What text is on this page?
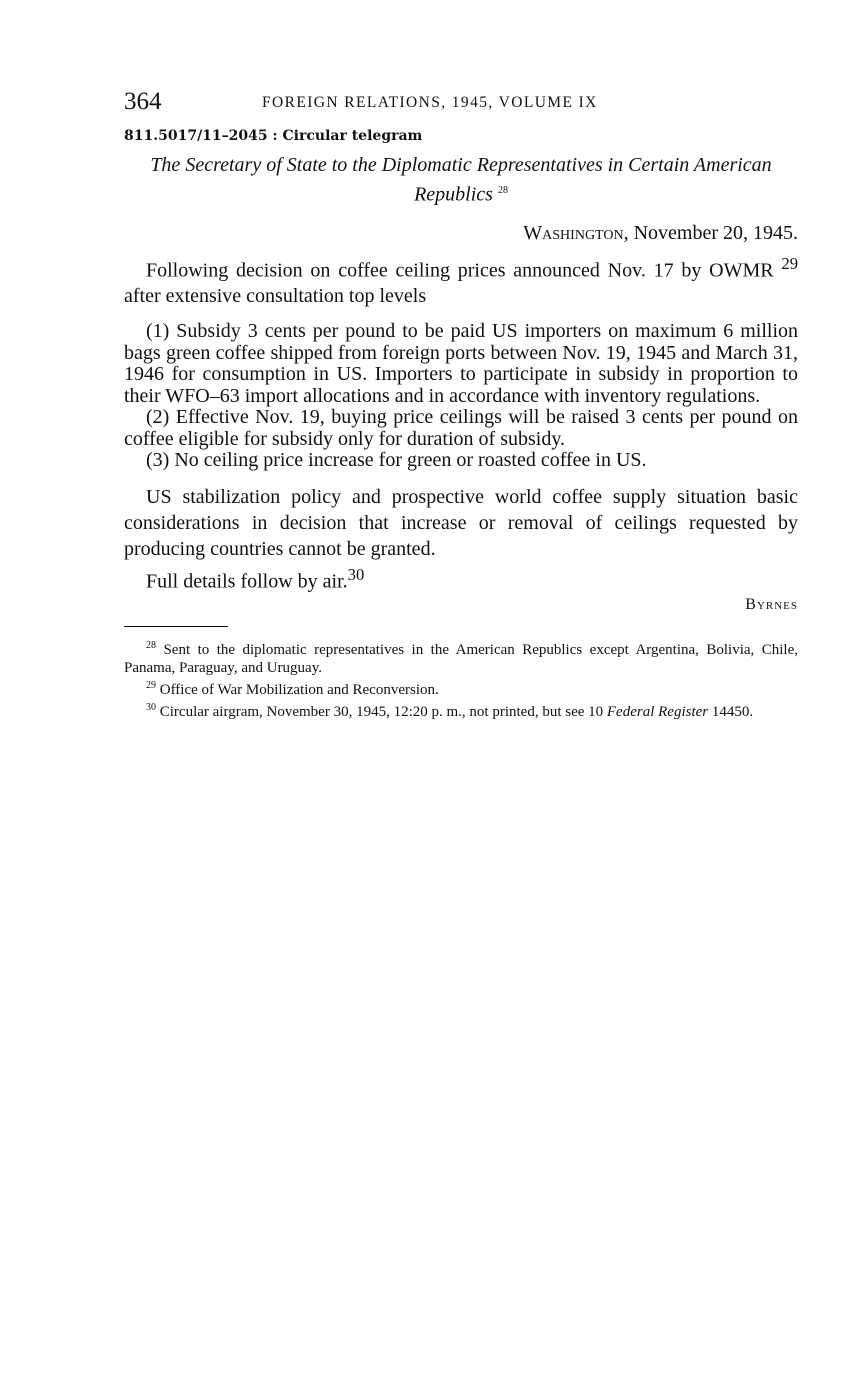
364	FOREIGN RELATIONS, 1945, VOLUME IX
811.5017/11–2045 : Circular telegram
The Secretary of State to the Diplomatic Representatives in Certain American Republics $^{28}$
Washington, November 20, 1945.
Following decision on coffee ceiling prices announced Nov. 17 by OWMR $^{29}$ after extensive consultation top levels
(1) Subsidy 3 cents per pound to be paid US importers on maximum 6 million bags green coffee shipped from foreign ports between Nov. 19, 1945 and March 31, 1946 for consumption in US. Importers to participate in subsidy in proportion to their WFO–63 import allocations and in accordance with inventory regulations.
(2) Effective Nov. 19, buying price ceilings will be raised 3 cents per pound on coffee eligible for subsidy only for duration of subsidy.
(3) No ceiling price increase for green or roasted coffee in US.
US stabilization policy and prospective world coffee supply situation basic considerations in decision that increase or removal of ceilings requested by producing countries cannot be granted.
Full details follow by air.$^{30}$
Byrnes
$^{28}$ Sent to the diplomatic representatives in the American Republics except Argentina, Bolivia, Chile, Panama, Paraguay, and Uruguay.
$^{29}$ Office of War Mobilization and Reconversion.
$^{30}$ Circular airgram, November 30, 1945, 12:20 p. m., not printed, but see 10 Federal Register 14450.
